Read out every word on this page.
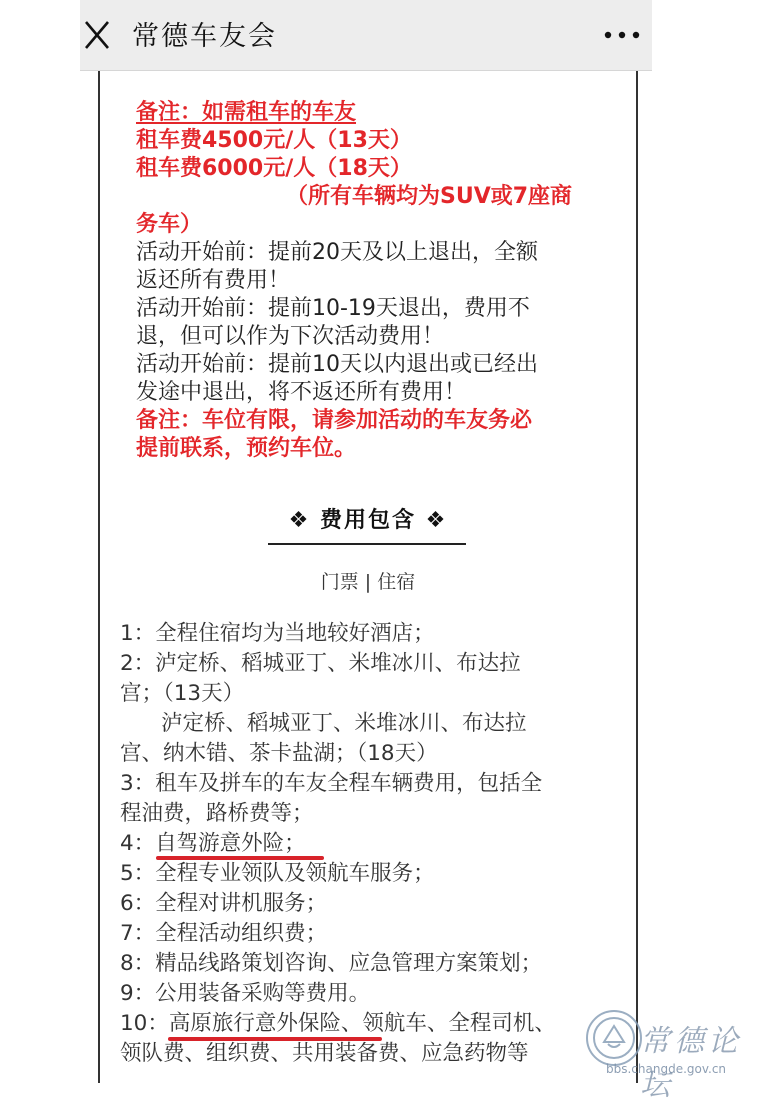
常德车友会
备注：如需租车的车友
租车费4500元/人（13天）
租车费6000元/人（18天）
（所有车辆均为SUV或7座商
务车）
活动开始前：提前20天及以上退出，全额
返还所有费用！
活动开始前：提前10-19天退出，费用不
退，但可以作为下次活动费用！
活动开始前：提前10天以内退出或已经出
发途中退出，将不返还所有费用！
备注：车位有限，请参加活动的车友务必
提前联系，预约车位。
❖ 费用包含 ❖
门票 | 住宿
1：全程住宿均为当地较好酒店；
2：泸定桥、稻城亚丁、米堆冰川、布达拉
宫；（13天）
泸定桥、稻城亚丁、米堆冰川、布达拉
宫、纳木错、茶卡盐湖；（18天）
3：租车及拼车的车友全程车辆费用，包括全
程油费，路桥费等；
4：自驾游意外险；
5：全程专业领队及领航车服务；
6：全程对讲机服务；
7：全程活动组织费；
8：精品线路策划咨询、应急管理方案策划；
9：公用装备采购等费用。
10：高原旅行意外保险、领航车、全程司机、
领队费、组织费、共用装备费、应急药物等	常德论坛
bbs.changde.gov.cn
